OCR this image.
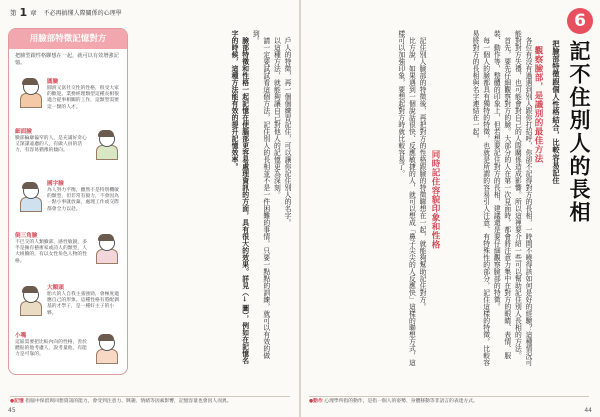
第 1 章 不必再搞懂人際關係的心理學
用臉部特徵記憶對方
把臉型跟性格聯想在一起，就可以有效增強記憶。
圓臉
圓滑又富社交性的性格，很受大家的歡迎。業務經理類型這種長相很適合從事相關的工作，這類型需要這一類的人才。
細面臉
臉部輪廓偏窄的人，是充滿好奇心又深謀遠慮的人，有做人員的活力，有容易猶豫的傾向。
國字臉
為人努力平衡，雖然不是特別機敏的類型，但非常有毅力，不會因為一點小事就放棄，處理工作或交際都會全力以赴。
倒三角臉
不巴交的人類臉部，感性敏銳，多半是擁有藝術家或詩人的類型，人大組臉的，有以女性角色人物的性格。
大額頭
胎大的人自我主張強勁，會極度適應自己的形象。這種性格有將配偶基的才學子，是一種好主子的小夥。
小嘴
這區需要把比較內向的性格，善於體貼的他考慮人，說考量他，有能力是可靠的。

戶人的特徵，再一個個練習記住，可以讓你記住別人的名字。

以這種方法，就能夠讓自己對他人的記憶更為深刻。

請一定要試試看這個方法，記住別人的長相並不是一件困難的事情，只要一點點的訓練，就可以有效的做到。

臉部特徵和性格一起記憶在使腦部更容易處理資訊的方面，具有很大的效果。詳見（→ 圖），例如在記憶名字的時候，這種方法能有效的提升記憶效率。

●記憶 指腦中保留與回想資訊的能力，會受到注意力、興趣、情緒等因素影響，記憶容量也會因人而異。
45

記住別人臉部的特徵後，再把對方的性格跟臉的特徵聯想在一起，就能夠幫助記住對方。

比方說，如果遇到一個說話很快、反應敏捷的人，就可以想成「鼻子尖尖的人反應快」這樣的聯想方式，這樣可以加強印象，要想起對方時就比較容易了。

同時記住容貌印象和性格	各位有沒有過遇到別人跟你打招呼，你卻不記得對方的長相，一時間不曉得該如何是好的經驗？這種情況可能對對方失禮，也可能會對自己的人際關係造成影響。所以這裡要介紹一些可以幫助記住別人長相的方法。

首先，要先仔細觀察對方的臉。大部分的人在第一次見面時，都會將注意力集中在對方的眼睛、表情、服裝、動作等，整體的印象上，但若想要記住對方的長相，建議還是要仔細觀察臉部的特徵。

每一個人的臉都具有獨特的特徵，也就是所謂的容易引人注意、有特殊性的部分，記住這樣的特徵，比較容易將對方的長相與名字連結在一起。	觀察臉部，是識別的最佳方法 把臉部特徵跟個人性格結合，比較容易記住 記不住別人的長相
6
●動作 心理學所指的動作，是指一個人的姿勢、身體移動等非語言的表達方式。
44
